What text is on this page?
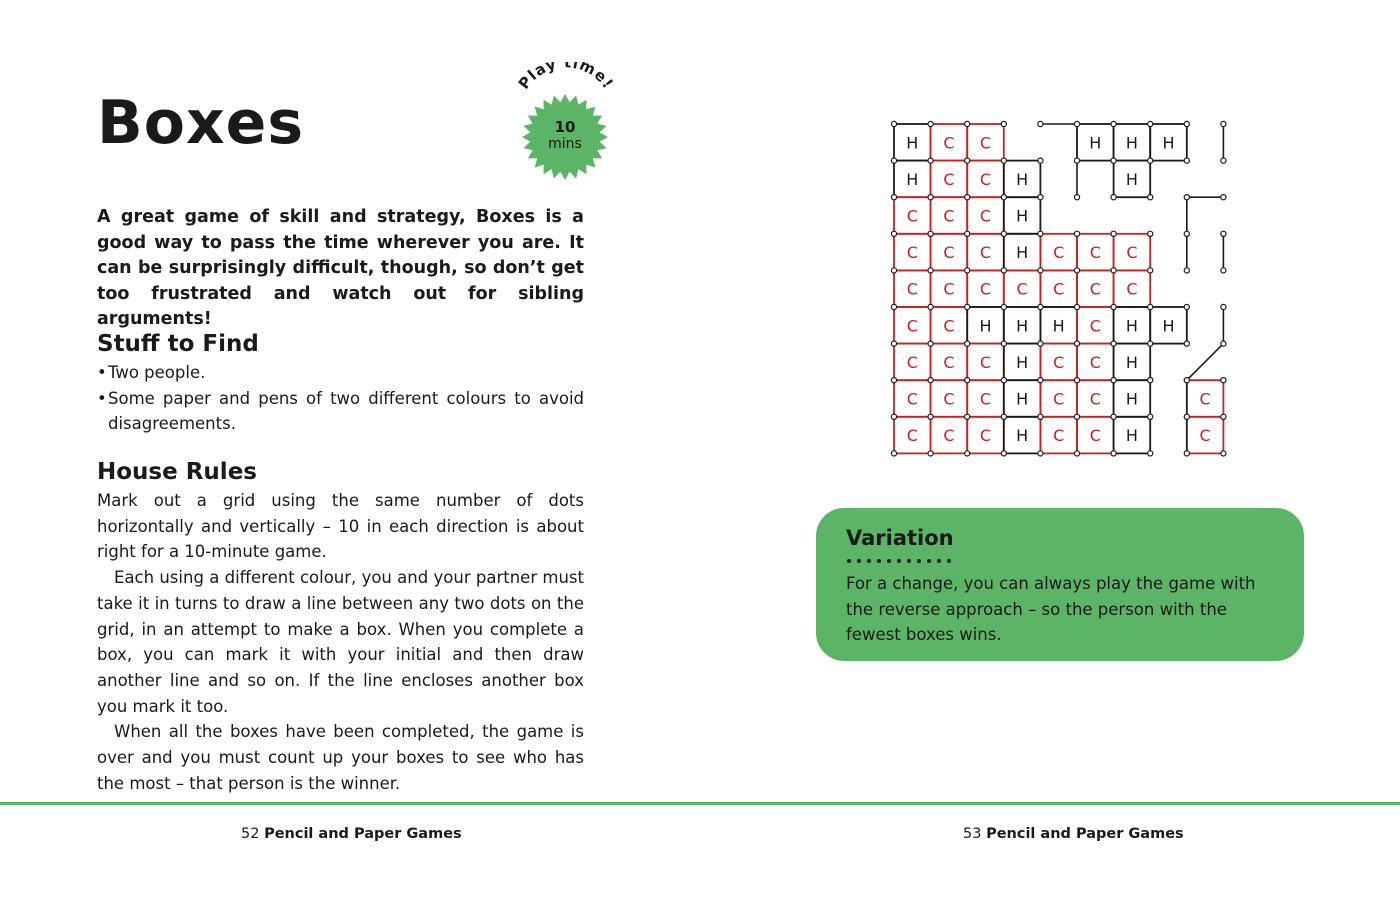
Boxes
Play time!
10
mins

A great game of skill and strategy, Boxes is a good way to pass the time wherever you are. It can be surprisingly difficult, though, so don’t get too frustrated and watch out for sibling arguments!

Stuff to Find
• Two people.
• Some paper and pens of two different colours to avoid disagreements.
House Rules

Mark out a grid using the same number of dots horizontally and vertically – 10 in each direction is about right for a 10-minute game.

Each using a different colour, you and your partner must take it in turns to draw a line between any two dots on the grid, in an attempt to make a box. When you complete a box, you can mark it with your initial and then draw another line and so on. If the line encloses another box you mark it too.

When all the boxes have been completed, the game is over and you must count up your boxes to see who has the most – that person is the winner.

H C C	H H H
H C C H	H
C C C H
C C C H C C C
C C C C C C C
C C H H H C H H
C C C H C C H
C C C H C C H	C
C C C H C C H	C
Variation

For a change, you can always play the game with the reverse approach – so the person with the fewest boxes wins.

52 Pencil and Paper Games	53 Pencil and Paper Games
